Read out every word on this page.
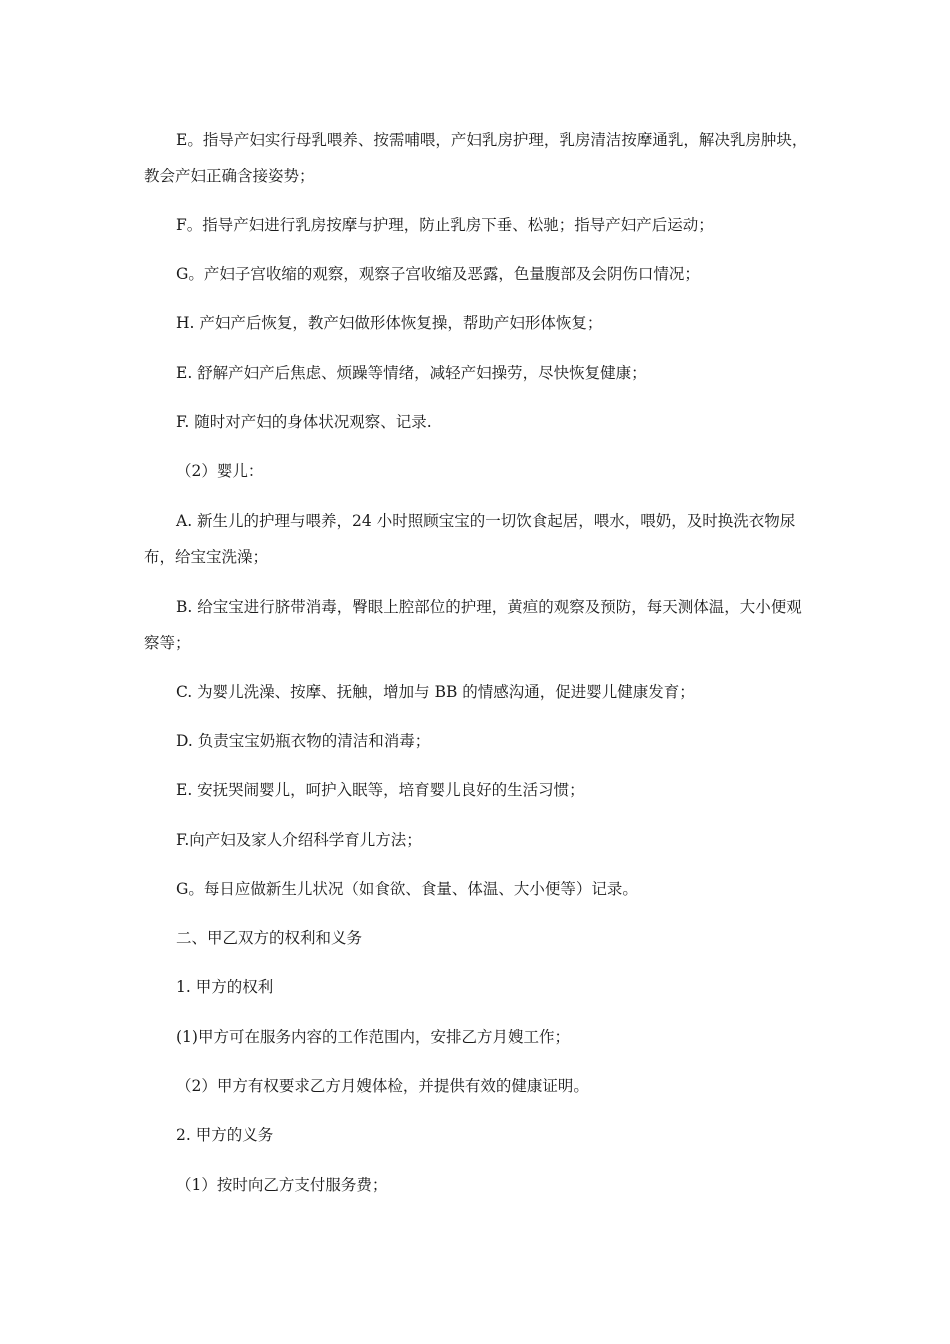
E。指导产妇实行母乳喂养、按需哺喂，产妇乳房护理，乳房清洁按摩通乳，解决乳房肿块，教会产妇正确含接姿势；

F。指导产妇进行乳房按摩与护理，防止乳房下垂、松驰；指导产妇产后运动；

G。产妇子宫收缩的观察，观察子宫收缩及恶露，色量腹部及会阴伤口情况；

H. 产妇产后恢复，教产妇做形体恢复操，帮助产妇形体恢复；

E. 舒解产妇产后焦虑、烦躁等情绪，减轻产妇操劳，尽快恢复健康；

F. 随时对产妇的身体状况观察、记录.

（2）婴儿：

A. 新生儿的护理与喂养，24 小时照顾宝宝的一切饮食起居，喂水，喂奶，及时换洗衣物尿布，给宝宝洗澡；

B. 给宝宝进行脐带消毒，臀眼上腔部位的护理，黄疸的观察及预防，每天测体温，大小便观察等；

C. 为婴儿洗澡、按摩、抚触，增加与 BB 的情感沟通，促进婴儿健康发育；

D. 负责宝宝奶瓶衣物的清洁和消毒；

E. 安抚哭闹婴儿，呵护入眠等，培育婴儿良好的生活习惯；

F.向产妇及家人介绍科学育儿方法；

G。每日应做新生儿状况（如食欲、食量、体温、大小便等）记录。

二、甲乙双方的权利和义务

1. 甲方的权利

(1)甲方可在服务内容的工作范围内，安排乙方月嫂工作；

（2）甲方有权要求乙方月嫂体检，并提供有效的健康证明。

2. 甲方的义务

（1）按时向乙方支付服务费；
